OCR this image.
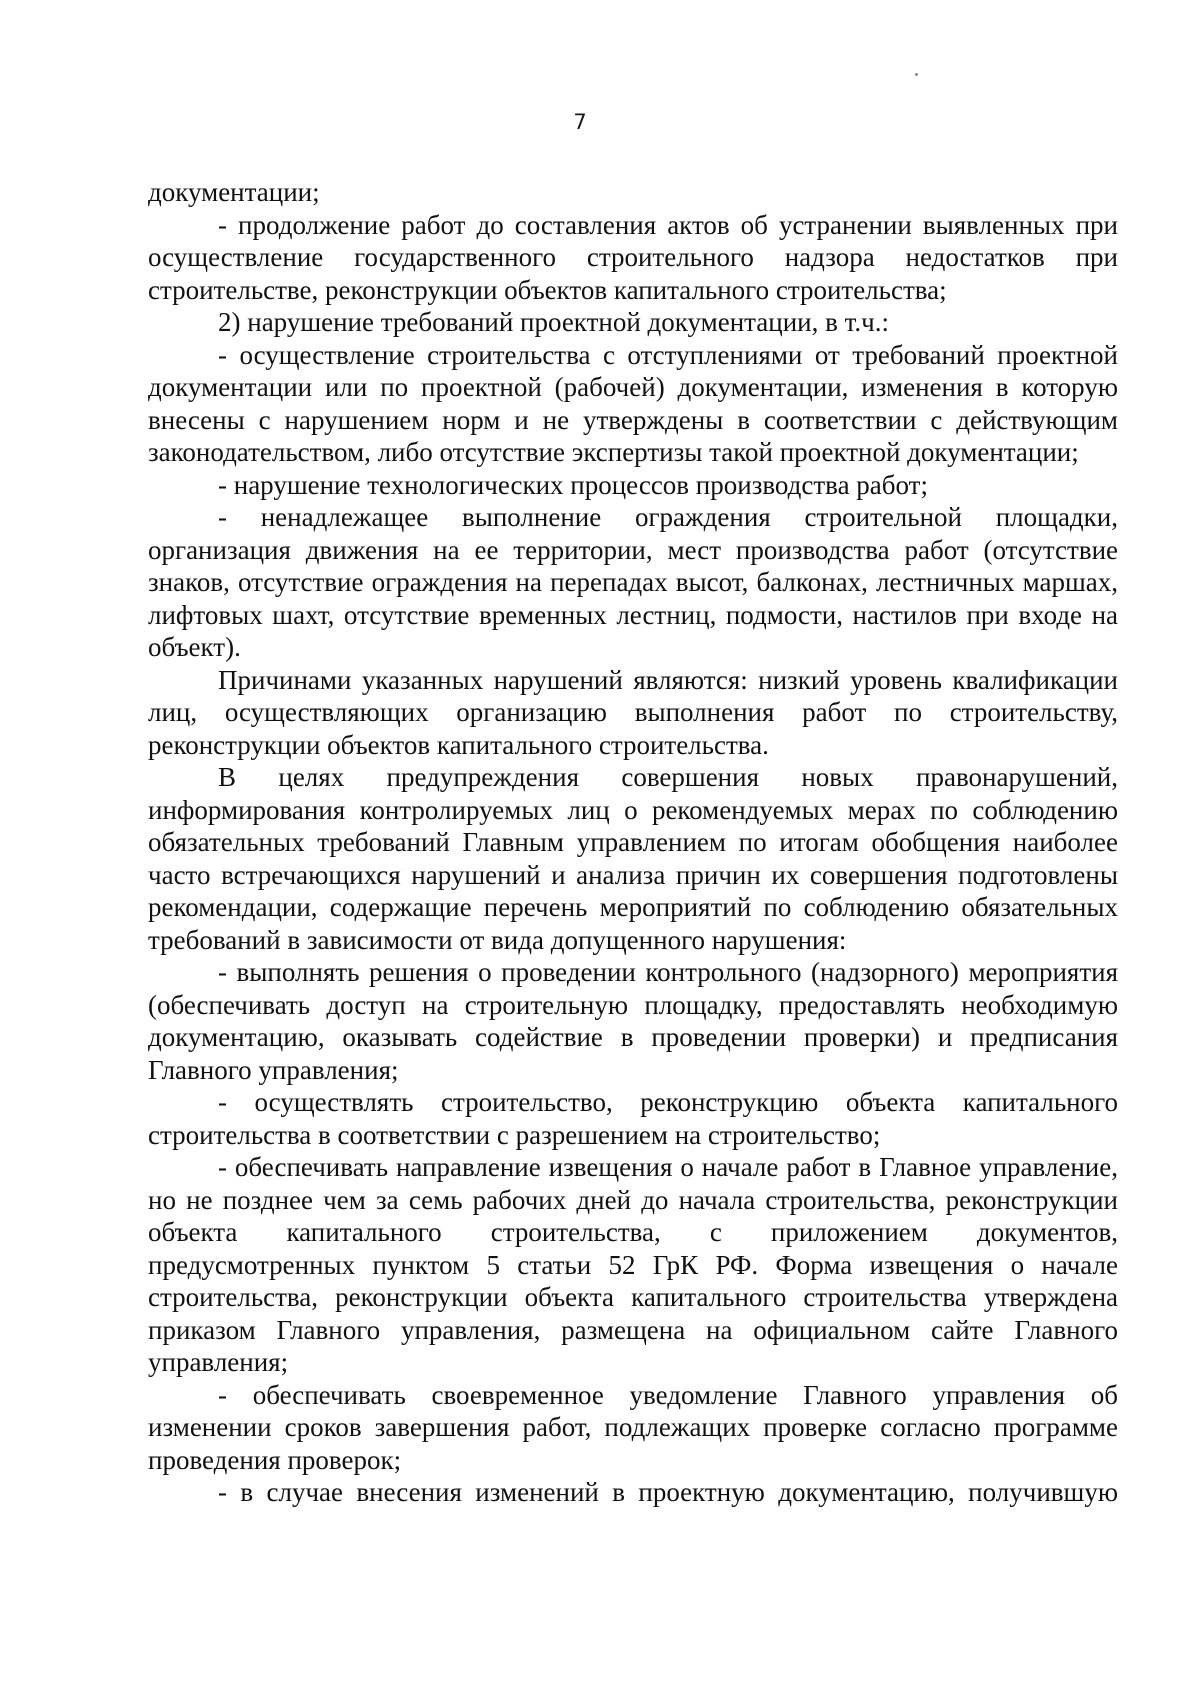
7

документации;

- продолжение работ до составления актов об устранении выявленных при осуществление государственного строительного надзора недостатков при строительстве, реконструкции объектов капитального строительства;

2) нарушение требований проектной документации, в т.ч.:

- осуществление строительства с отступлениями от требований проектной документации или по проектной (рабочей) документации, изменения в которую внесены с нарушением норм и не утверждены в соответствии с действующим законодательством, либо отсутствие экспертизы такой проектной документации;

- нарушение технологических процессов производства работ;

- ненадлежащее выполнение ограждения строительной площадки, организация движения на ее территории, мест производства работ (отсутствие знаков, отсутствие ограждения на перепадах высот, балконах, лестничных маршах, лифтовых шахт, отсутствие временных лестниц, подмости, настилов при входе на объект).

Причинами указанных нарушений являются: низкий уровень квалификации лиц, осуществляющих организацию выполнения работ по строительству, реконструкции объектов капитального строительства.

В целях предупреждения совершения новых правонарушений, информирования контролируемых лиц о рекомендуемых мерах по соблюдению обязательных требований Главным управлением по итогам обобщения наиболее часто встречающихся нарушений и анализа причин их совершения подготовлены рекомендации, содержащие перечень мероприятий по соблюдению обязательных требований в зависимости от вида допущенного нарушения:

- выполнять решения о проведении контрольного (надзорного) мероприятия (обеспечивать доступ на строительную площадку, предоставлять необходимую документацию, оказывать содействие в проведении проверки) и предписания Главного управления;

- осуществлять строительство, реконструкцию объекта капитального строительства в соответствии с разрешением на строительство;

- обеспечивать направление извещения о начале работ в Главное управление, но не позднее чем за семь рабочих дней до начала строительства, реконструкции объекта капитального строительства, с приложением документов, предусмотренных пунктом 5 статьи 52 ГрК РФ. Форма извещения о начале строительства, реконструкции объекта капитального строительства утверждена приказом Главного управления, размещена на официальном сайте Главного управления;

- обеспечивать своевременное уведомление Главного управления об изменении сроков завершения работ, подлежащих проверке согласно программе проведения проверок;

- в случае внесения изменений в проектную документацию, получившую
